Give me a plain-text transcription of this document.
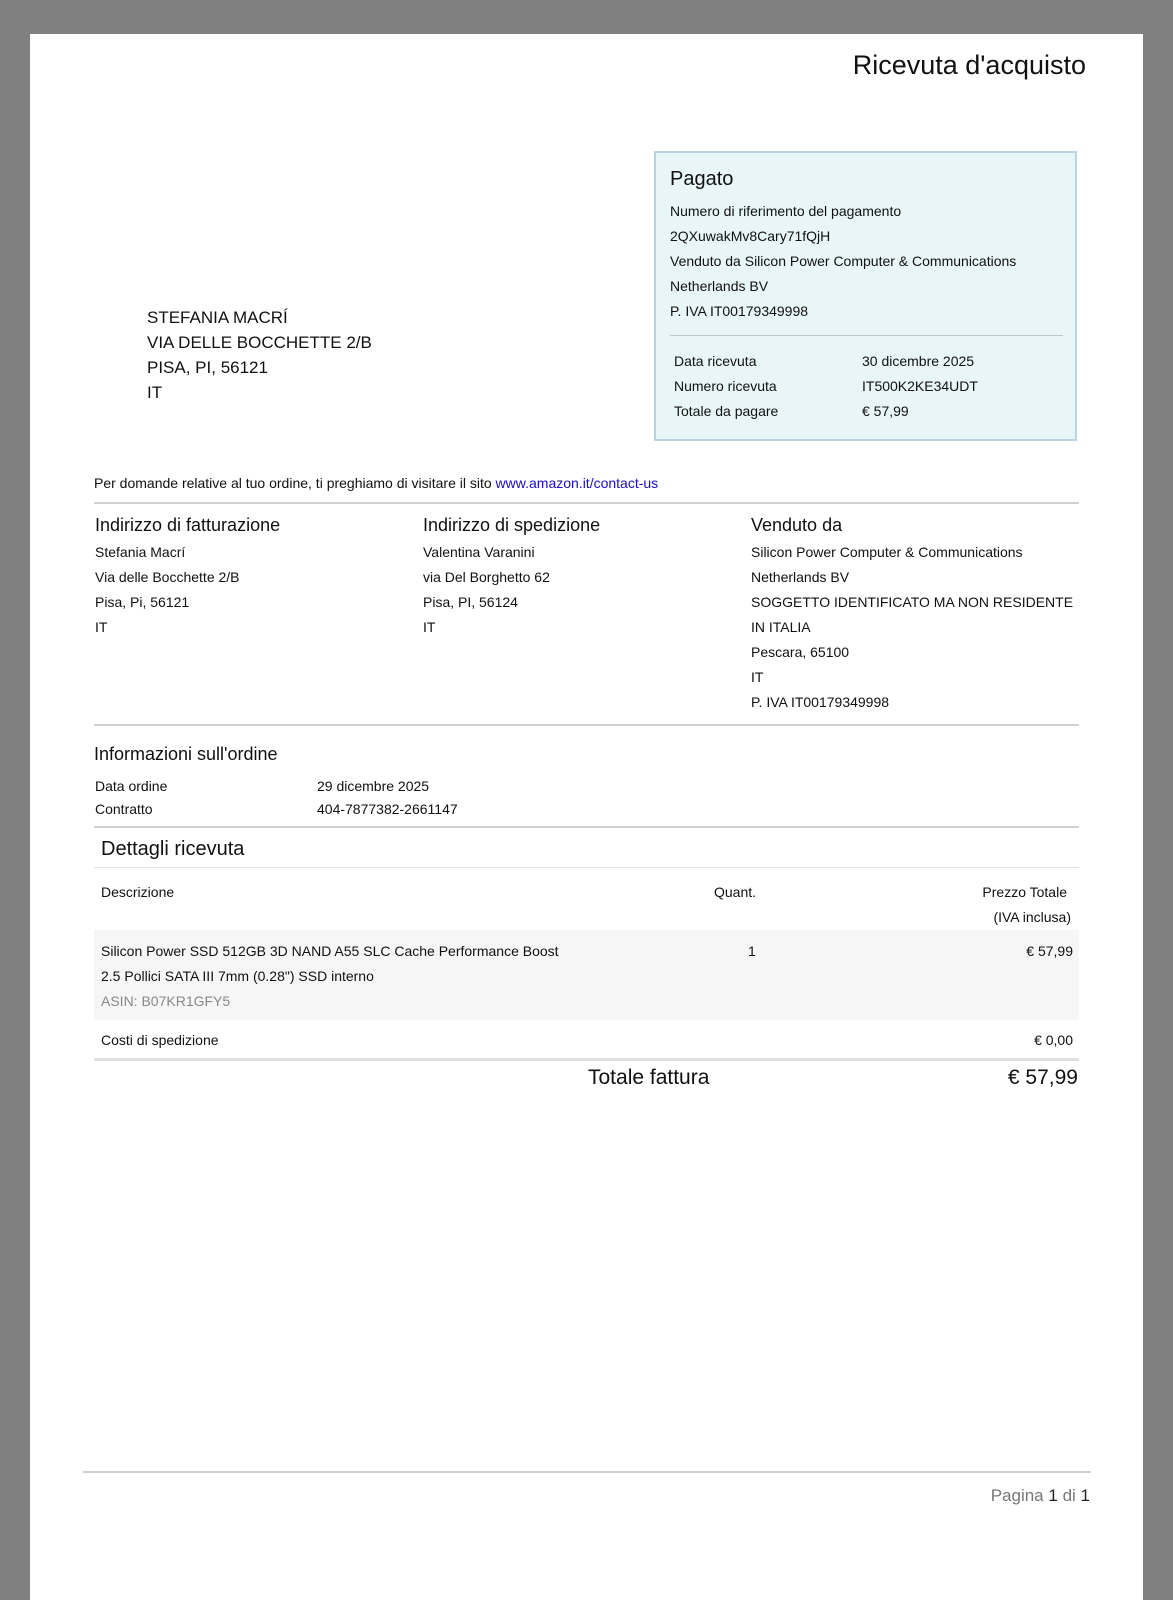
Ricevuta d'acquisto
Pagato
Numero di riferimento del pagamento
2QXuwakMv8Cary71fQjH
Venduto da Silicon Power Computer & Communications
Netherlands BV
P. IVA IT00179349998
Data ricevuta	30 dicembre 2025
Numero ricevuta	IT500K2KE34UDT
Totale da pagare	€ 57,99
STEFANIA MACRÍ
VIA DELLE BOCCHETTE 2/B
PISA, PI, 56121
IT
Per domande relative al tuo ordine, ti preghiamo di visitare il sito www.amazon.it/contact-us
Indirizzo di fatturazione
Stefania Macrí
Via delle Bocchette 2/B
Pisa, Pi, 56121
IT
Indirizzo di spedizione
Valentina Varanini
via Del Borghetto 62
Pisa, PI, 56124
IT
Venduto da
Silicon Power Computer & Communications
Netherlands BV
SOGGETTO IDENTIFICATO MA NON RESIDENTE
IN ITALIA
Pescara, 65100
IT
P. IVA IT00179349998
Informazioni sull'ordine
Data ordine	29 dicembre 2025
Contratto	404-7877382-2661147
Dettagli ricevuta
Descrizione	Quant.	Prezzo Totale
(IVA inclusa)
Silicon Power SSD 512GB 3D NAND A55 SLC Cache Performance Boost
2.5 Pollici SATA III 7mm (0.28") SSD interno
ASIN: B07KR1GFY5
1	€ 57,99
Costi di spedizione	€ 0,00
Totale fattura	€ 57,99
Pagina 1 di 1
